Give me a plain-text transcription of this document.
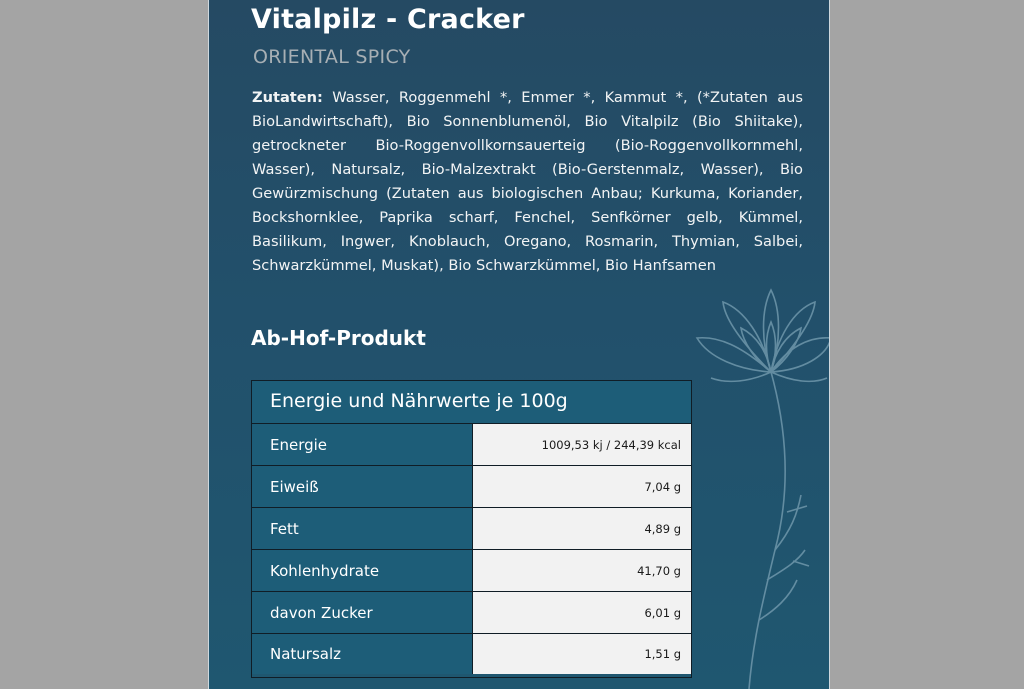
Vitalpilz - Cracker
ORIENTAL SPICY
Zutaten: Wasser, Roggenmehl *, Emmer *, Kammut *, (*Zutaten aus BioLandwirtschaft), Bio Sonnenblumenöl, Bio Vitalpilz (Bio Shiitake), getrockneter Bio-Roggenvollkornsauerteig (Bio-Roggenvollkornmehl, Wasser), Natursalz, Bio-Malzextrakt (Bio-Gerstenmalz, Wasser), Bio Gewürzmischung (Zutaten aus biologischen Anbau; Kurkuma, Koriander, Bockshornklee, Paprika scharf, Fenchel, Senfkörner gelb, Kümmel, Basilikum, Ingwer, Knoblauch, Oregano, Rosmarin, Thymian, Salbei, Schwarzkümmel, Muskat), Bio Schwarzkümmel, Bio Hanfsamen
Ab-Hof-Produkt
Energie und Nährwerte je 100g
Energie	1009,53 kj / 244,39 kcal
Eiweiß	7,04 g
Fett	4,89 g
Kohlenhydrate	41,70 g
davon Zucker	6,01 g
Natursalz	1,51 g
